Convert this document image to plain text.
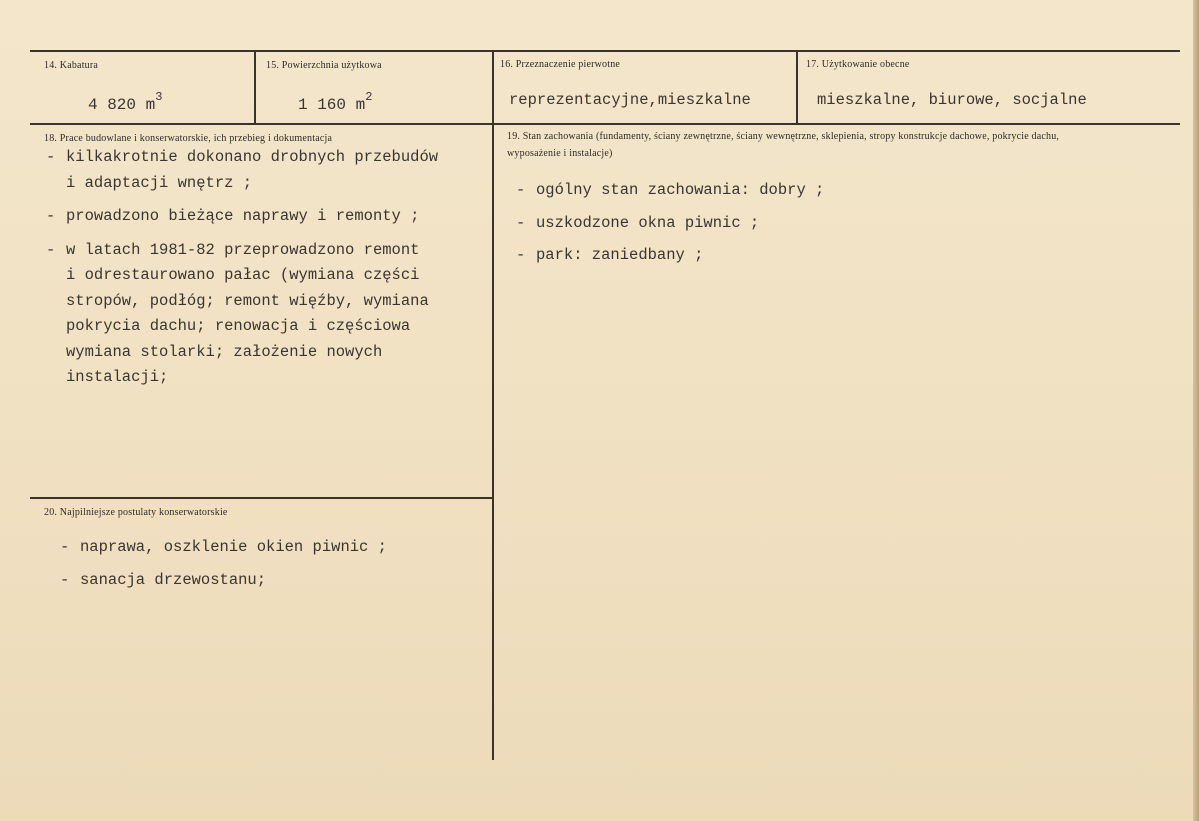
14. Kabatura
4 820 $m^3$
15. Powierzchnia użytkowa
1 160 $m^2$
16. Przeznaczenie pierwotne
reprezentacyjne,mieszkalne
17. Użytkowanie obecne
mieszkalne, biurowe, socjalne
18. Prace budowlane i konserwatorskie, ich przebieg i dokumentacja
- kilkakrotnie dokonano drobnych przebudów
i adaptacji wnętrz ;
- prowadzono bieżące naprawy i remonty ;
- w latach 1981-82 przeprowadzono remont
i odrestaurowano pałac (wymiana części
stropów, podłóg; remont więźby, wymiana
pokrycia dachu; renowacja i częściowa
wymiana stolarki; założenie nowych
instalacji;
19. Stan zachowania (fundamenty, ściany zewnętrzne, ściany wewnętrzne, sklepienia, stropy konstrukcje dachowe, pokrycie dachu, wyposażenie i instalacje)
- ogólny stan zachowania: dobry ;
- uszkodzone okna piwnic ;
- park: zaniedbany ;
20. Najpilniejsze postulaty konserwatorskie
- naprawa, oszklenie okien piwnic ;
- sanacja drzewostanu;
